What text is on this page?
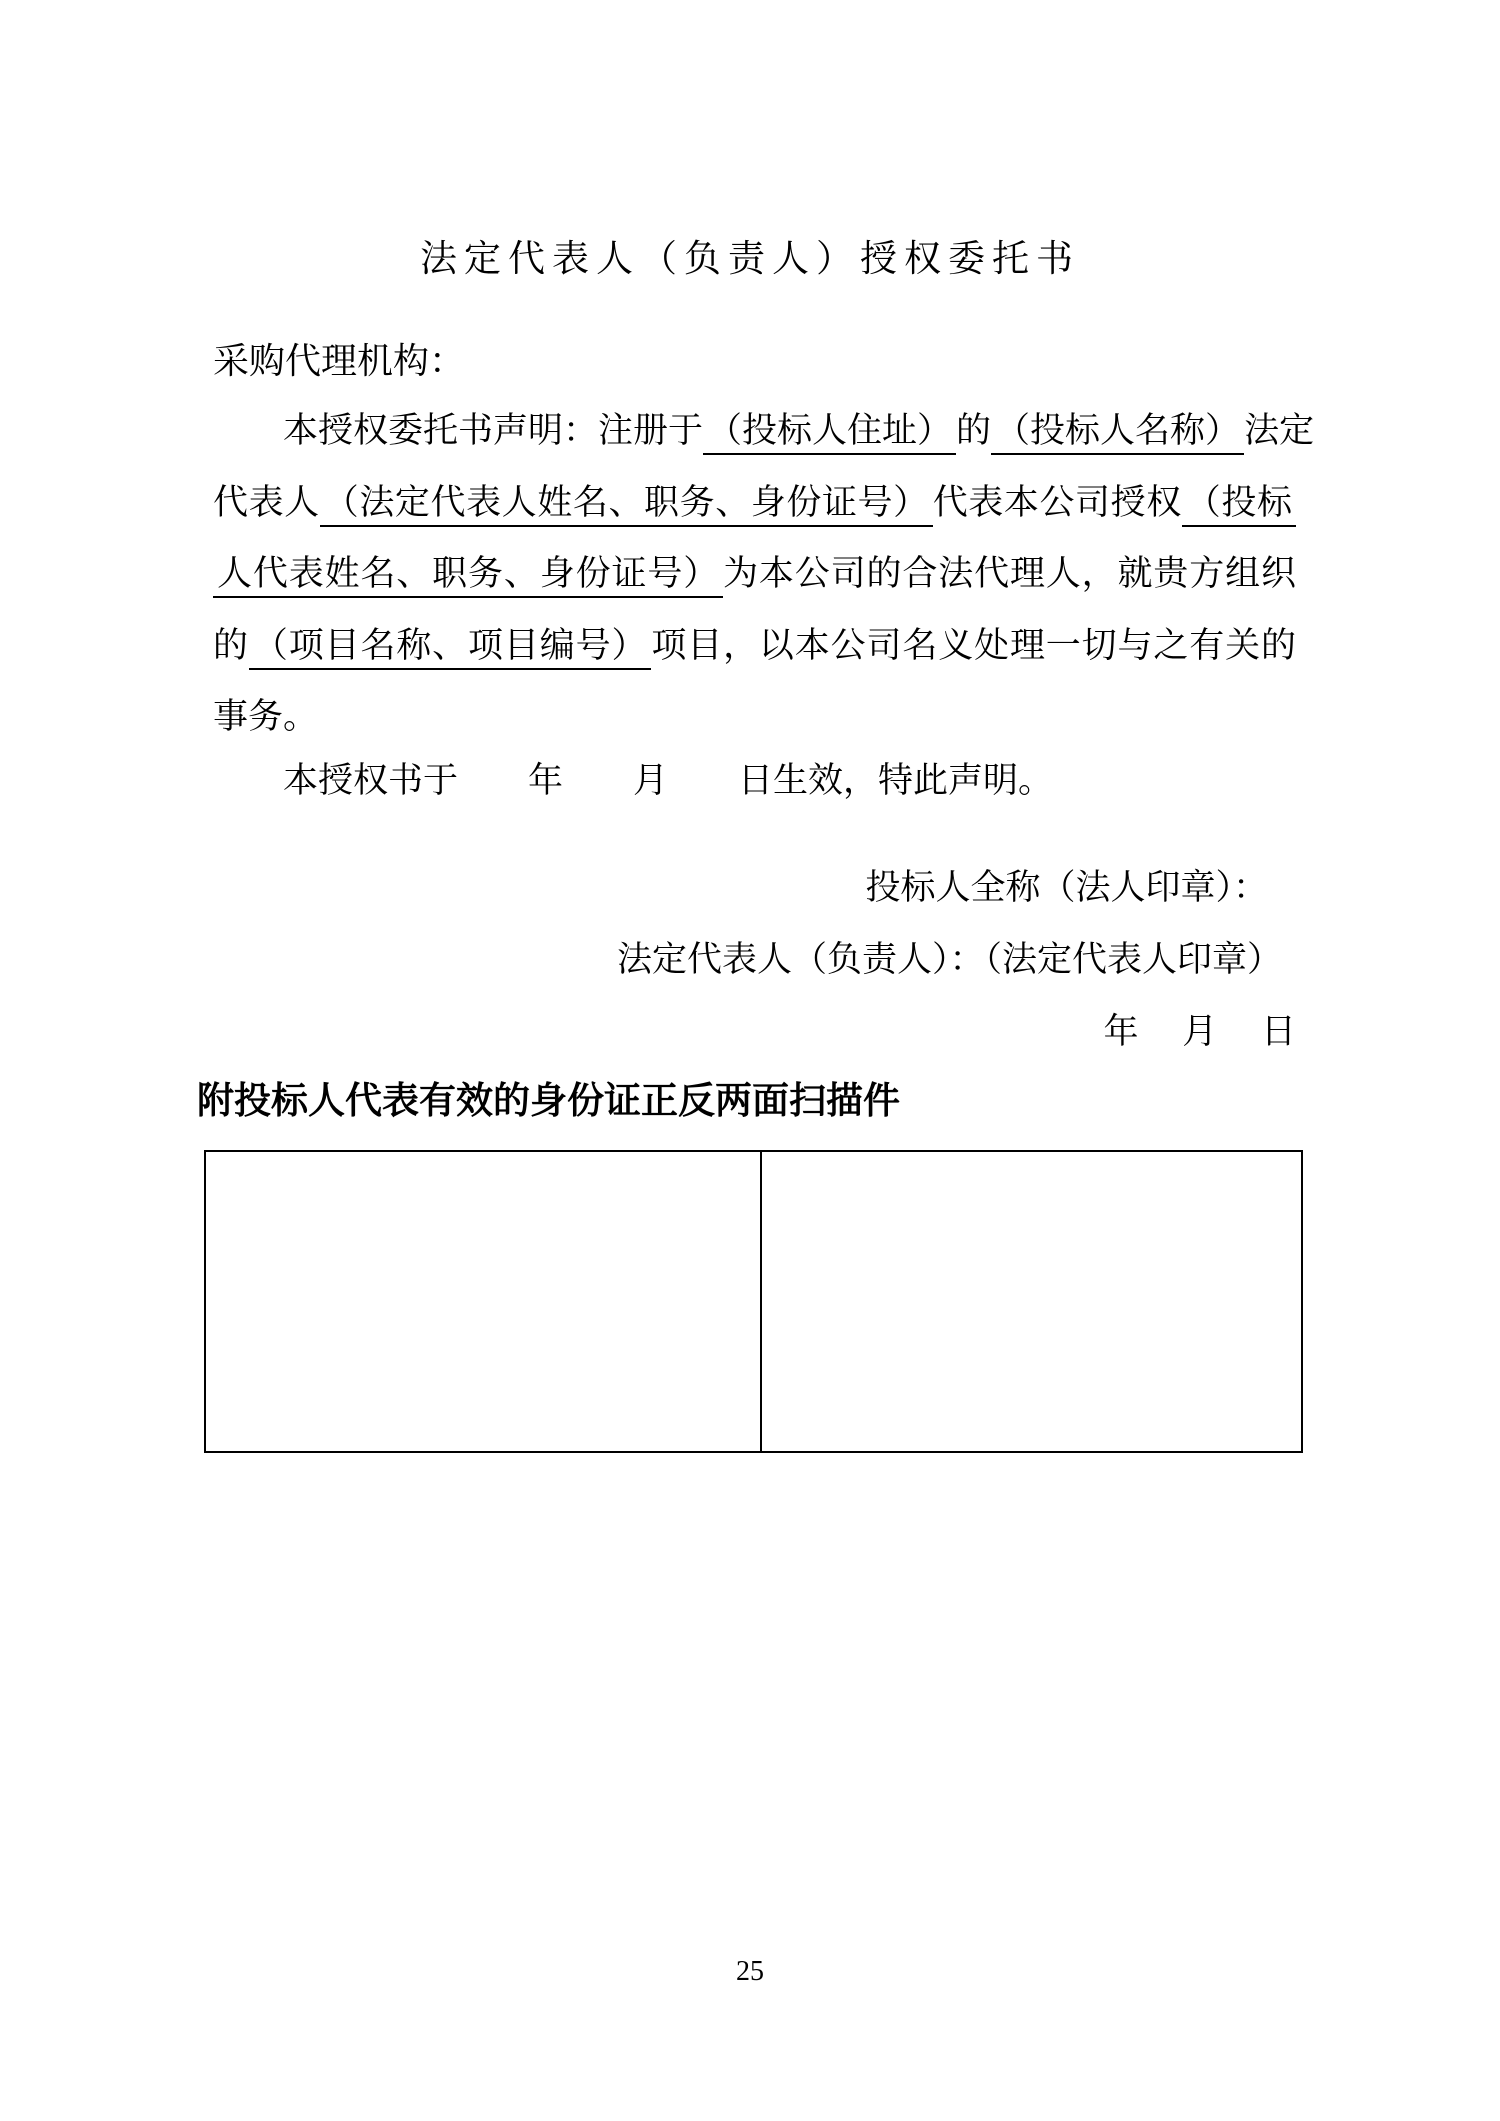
法定代表人（负责人）授权委托书
采购代理机构：
本授权委托书声明：注册于 （投标人住址） 的 （投标人名称） 法定
代表人 （法定代表人姓名、职务、身份证号） 代表本公司授权 （投标
人代表姓名、职务、身份证号） 为本公司的合法代理人，就贵方组织
的 （项目名称、项目编号） 项目，以本公司名义处理一切与之有关的
事务。
本授权书于　　年　　月　　日生效，特此声明。
投标人全称（法人印章）：
法定代表人（负责人）：（法定代表人印章）
年　 月　 日
附投标人代表有效的身份证正反两面扫描件
25
